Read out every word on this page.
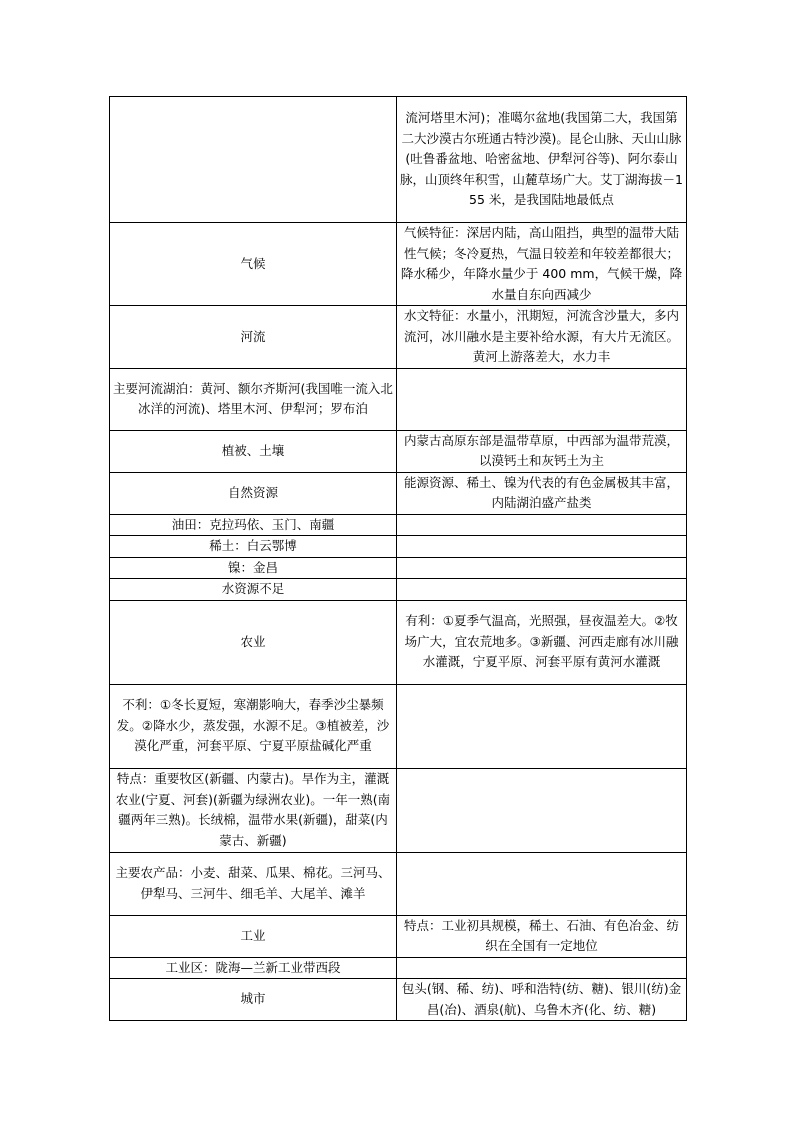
	流河塔里木河)；准噶尔盆地(我国第二大，我国第二大沙漠古尔班通古特沙漠)。昆仑山脉、天山山脉(吐鲁番盆地、哈密盆地、伊犁河谷等)、阿尔泰山脉，山顶终年积雪，山麓草场广大。艾丁湖海拔－155 米，是我国陆地最低点
气候	气候特征：深居内陆，高山阻挡，典型的温带大陆性气候；冬冷夏热，气温日较差和年较差都很大；降水稀少，年降水量少于 400 mm，气候干燥，降水量自东向西减少
河流	水文特征：水量小，汛期短，河流含沙量大，多内流河，冰川融水是主要补给水源，有大片无流区。黄河上游落差大，水力丰
主要河流湖泊：黄河、额尔齐斯河(我国唯一流入北冰洋的河流)、塔里木河、伊犁河；罗布泊	
植被、土壤	内蒙古高原东部是温带草原，中西部为温带荒漠，以漠钙土和灰钙土为主
自然资源	能源资源、稀土、镍为代表的有色金属极其丰富，内陆湖泊盛产盐类
油田：克拉玛依、玉门、南疆	
稀土：白云鄂博	
镍：金昌	
水资源不足	
农业	有利：①夏季气温高，光照强，昼夜温差大。②牧场广大，宜农荒地多。③新疆、河西走廊有冰川融水灌溉，宁夏平原、河套平原有黄河水灌溉
不利：①冬长夏短，寒潮影响大，春季沙尘暴频发。②降水少，蒸发强，水源不足。③植被差，沙漠化严重，河套平原、宁夏平原盐碱化严重	
特点：重要牧区(新疆、内蒙古)。旱作为主，灌溉农业(宁夏、河套)(新疆为绿洲农业)。一年一熟(南疆两年三熟)。长绒棉，温带水果(新疆)，甜菜(内蒙古、新疆)	
主要农产品：小麦、甜菜、瓜果、棉花。三河马、伊犁马、三河牛、细毛羊、大尾羊、滩羊	
工业	特点：工业初具规模，稀土、石油、有色冶金、纺织在全国有一定地位
工业区：陇海—兰新工业带西段	
城市	包头(钢、稀、纺)、呼和浩特(纺、糖)、银川(纺)金昌(冶)、酒泉(航)、乌鲁木齐(化、纺、糖)
